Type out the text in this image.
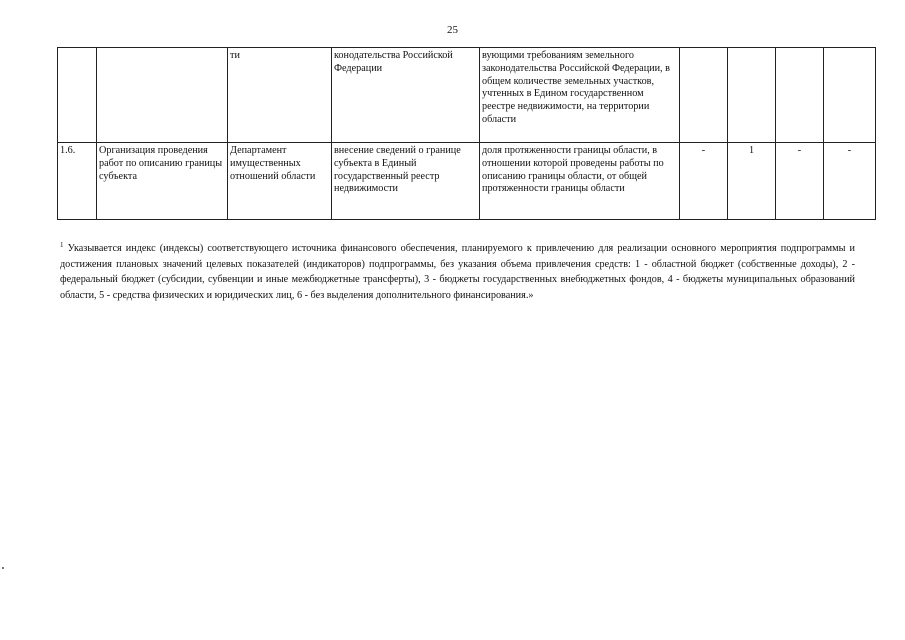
25
		ти	конодательства Российской Федерации	вующими требованиям земельного законодательства Российской Федерации, в общем количестве земельных участков, учтенных в Едином государственном реестре недвижимости, на территории области				
1.6.	Организация проведения работ по описанию границы субъекта	Департамент имущественных отношений области	внесение сведений о границе субъекта в Единый государственный реестр недвижимости	доля протяженности границы области, в отношении которой проведены работы по описанию границы области, от общей протяженности границы области	-	1	-	-
$^1$ Указывается индекс (индексы) соответствующего источника финансового обеспечения, планируемого к привлечению для реализации основного мероприятия подпрограммы и достижения плановых значений целевых показателей (индикаторов) подпрограммы, без указания объема привлечения средств: 1 - областной бюджет (собственные доходы), 2 - федеральный бюджет (субсидии, субвенции и иные межбюджетные трансферты), 3 - бюджеты государственных внебюджетных фондов, 4 - бюджеты муниципальных образований области, 5 - средства физических и юридических лиц, 6 - без выделения дополнительного финансирования.»
